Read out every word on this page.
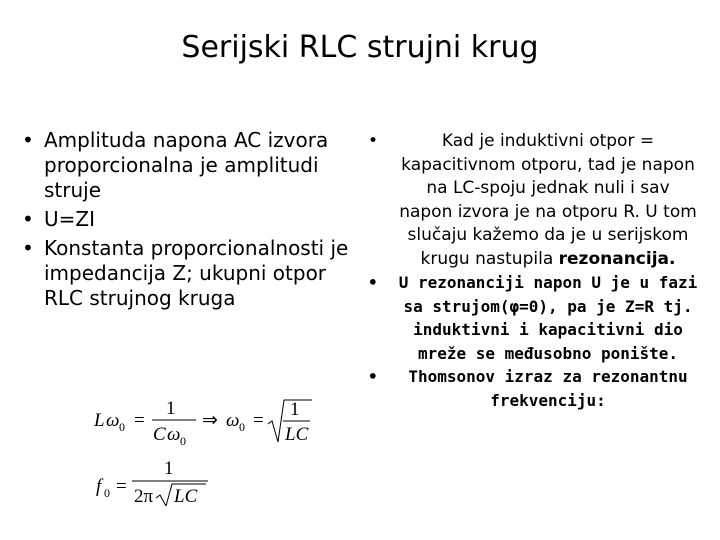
Serijski RLC strujni krug
• Amplituda napona AC izvora proporcionalna je amplitudi struje
• U=ZI
• Konstanta proporcionalnosti je impedancija Z; ukupni otpor RLC strujnog kruga
• Kad je induktivni otpor = kapacitivnom otporu, tad je napon na LC-spoju jednak nuli i sav napon izvora je na otporu R. U tom slučaju kažemo da je u serijskom krugu nastupila rezonancija.
• U rezonanciji napon U je u fazi sa strujom(φ=0), pa je Z=R tj. induktivni i kapacitivni dio mreže se međusobno ponište.
• Thomsonov izraz za rezonantnu frekvenciju:
L ω 0 =
1
C ω 0
⇒ ω 0 =
1
LC
f 0 =
1
2π LC
